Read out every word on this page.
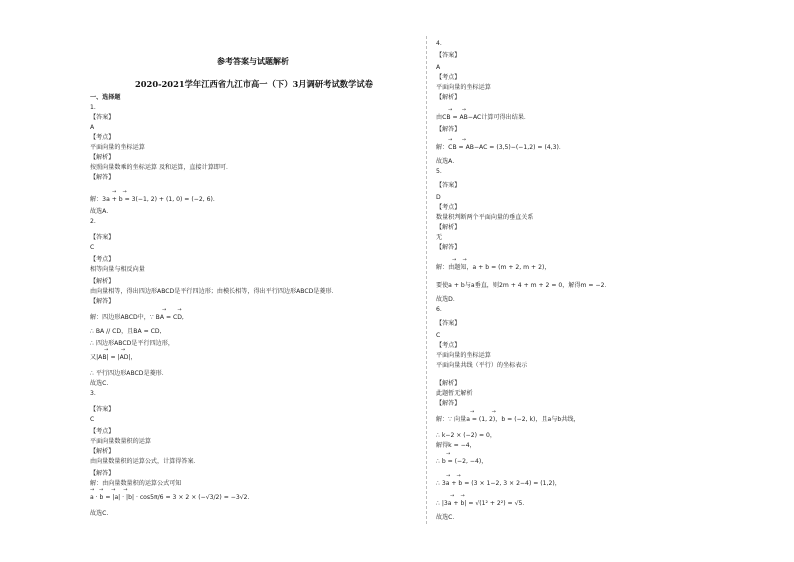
参考答案与试题解析
2020-2021学年江西省九江市高一（下）3月调研考试数学试卷
一、选择题
1.
【答案】
A
【考点】
平面向量的坐标运算
【解析】
按照向量数乘的坐标运算 及和运算，直接计算即可．
【解答】
→    →
解：3a + b = 3(−1, 2) + (1, 0) = (−2, 6).
故选A.
2.
【答案】
C
【考点】
相等向量与相反向量
【解析】
由向量相等，得出四边形ABCD是平行四边形；由模长相等，得出平行四边形ABCD是菱形．
【解答】
→       →
解：四边形ABCD中，∵ BA = CD,
∴ BA // CD，且BA = CD,
∴ 四边形ABCD是平行四边形，
→        →
又|AB| = |AD|，
∴ 平行四边形ABCD是菱形．
故选C.
3.
【答案】
C
【考点】
平面向量数量积的运算
【解析】
由向量数量积的运算公式，计算得答案．
【解答】
解：由向量数量积的运算公式可知
→   →     →     →
a · b = |a| · |b| · cos5π/6 = 3 × 2 × (−√3/2) = −3√2.
故选C.
4.
【答案】
A
【考点】
平面向量的坐标运算
【解析】
→      →
由CB = AB−AC计算可得出结果．
【解答】
→      →
解：CB = AB−AC = (3,5)−(−1,2) = (4,3)．
故选A．
5.
【答案】
D
【考点】
数量积判断两个平面向量的垂直关系
【解析】
无
【解答】
→    →
解：由题知，a + b = (m + 2, m + 2)，
要使a + b与a垂直，则2m + 4 + m + 2 = 0，解得m = −2．
故选D．
6.
【答案】
C
【考点】
平面向量的坐标运算
平面向量共线（平行）的坐标表示
【解析】
此题暂无解析
【解答】
→           →
解：∵ 向量a = (1, 2)，b = (−2, k)，且a与b共线，
∴ k−2 × (−2) = 0，
解得k = −4，
→
∴ b = (−2, −4)，
→    →
∴ 3a + b = (3 × 1−2, 3 × 2−4) = (1,2)，
→    →
∴ |3a + b| = √(1² + 2²) = √5．
故选C．
